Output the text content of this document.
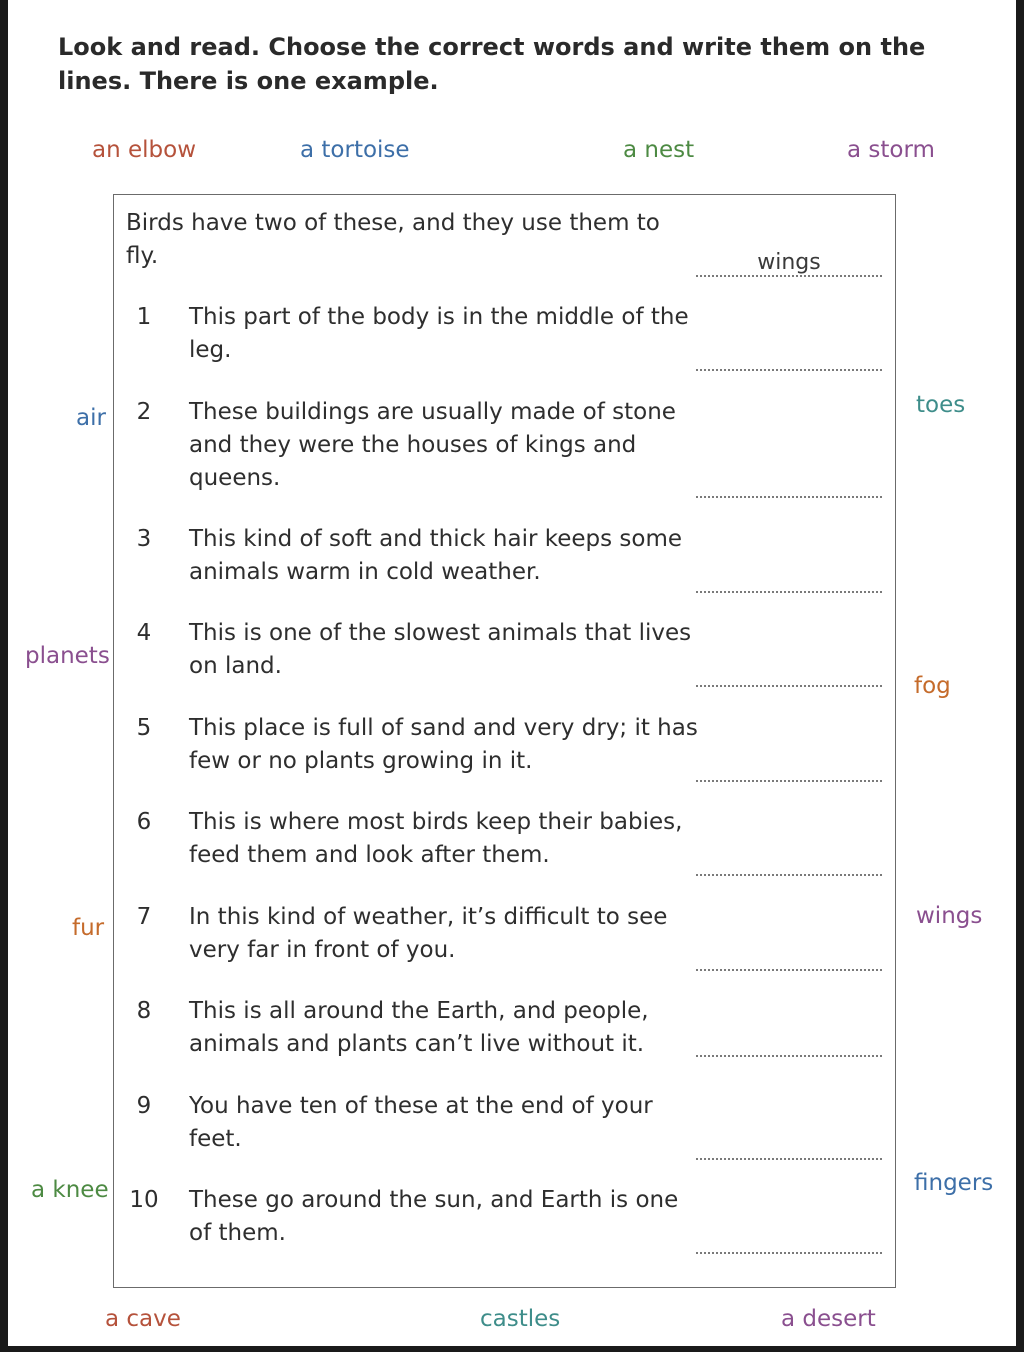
Look and read. Choose the correct words and write them on the lines. There is one example.
an elbow	a tortoise	a nest	a storm
air
planets
fur
a knee
toes
fog
wings
fingers
a cave	castles	a desert
Birds have two of these, and they use them to fly.	wings
1	This part of the body is in the middle of the leg.
2	These buildings are usually made of stone and they were the houses of kings and queens.
3	This kind of soft and thick hair keeps some animals warm in cold weather.
4	This is one of the slowest animals that lives on land.
5	This place is full of sand and very dry; it has few or no plants growing in it.
6	This is where most birds keep their babies, feed them and look after them.
7	In this kind of weather, it’s difficult to see very far in front of you.
8	This is all around the Earth, and people, animals and plants can’t live without it.
9	You have ten of these at the end of your feet.
10 These go around the sun, and Earth is one of them.
